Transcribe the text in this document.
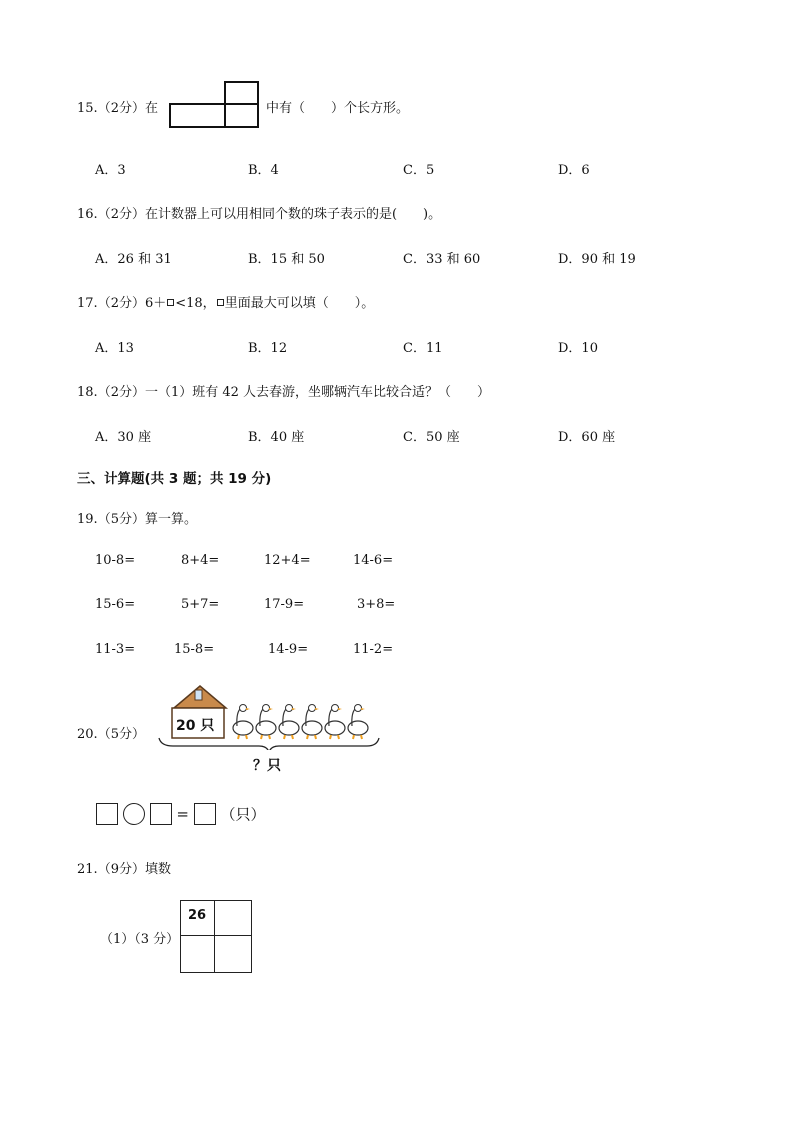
15.（2分）在	中有（　　）个长方形。
A．3	B．4	C．5	D．6
16.（2分）在计数器上可以用相同个数的珠子表示的是(　　)。
A．26 和 31	B．15 和 50	C．33 和 60	D．90 和 19
17.（2分）6＋ <18， 里面最大可以填（　　）。
A．13	B．12	C．11	D．10
18.（2分）一（1）班有 42 人去春游，坐哪辆汽车比较合适？（　　）
A．30 座	B．40 座	C．50 座	D．60 座
三、计算题(共 3 题；共 19 分)
19.（5分）算一算。
10-8=	8+4=	12+4=	14-6=
15-6=	5+7=	17-9=	3+8=
11-3=	15-8=	14-9=	11-2=
20.（5分）
20 只
？只
= （只）
21.（9分）填数
（1）（3 分）
26
